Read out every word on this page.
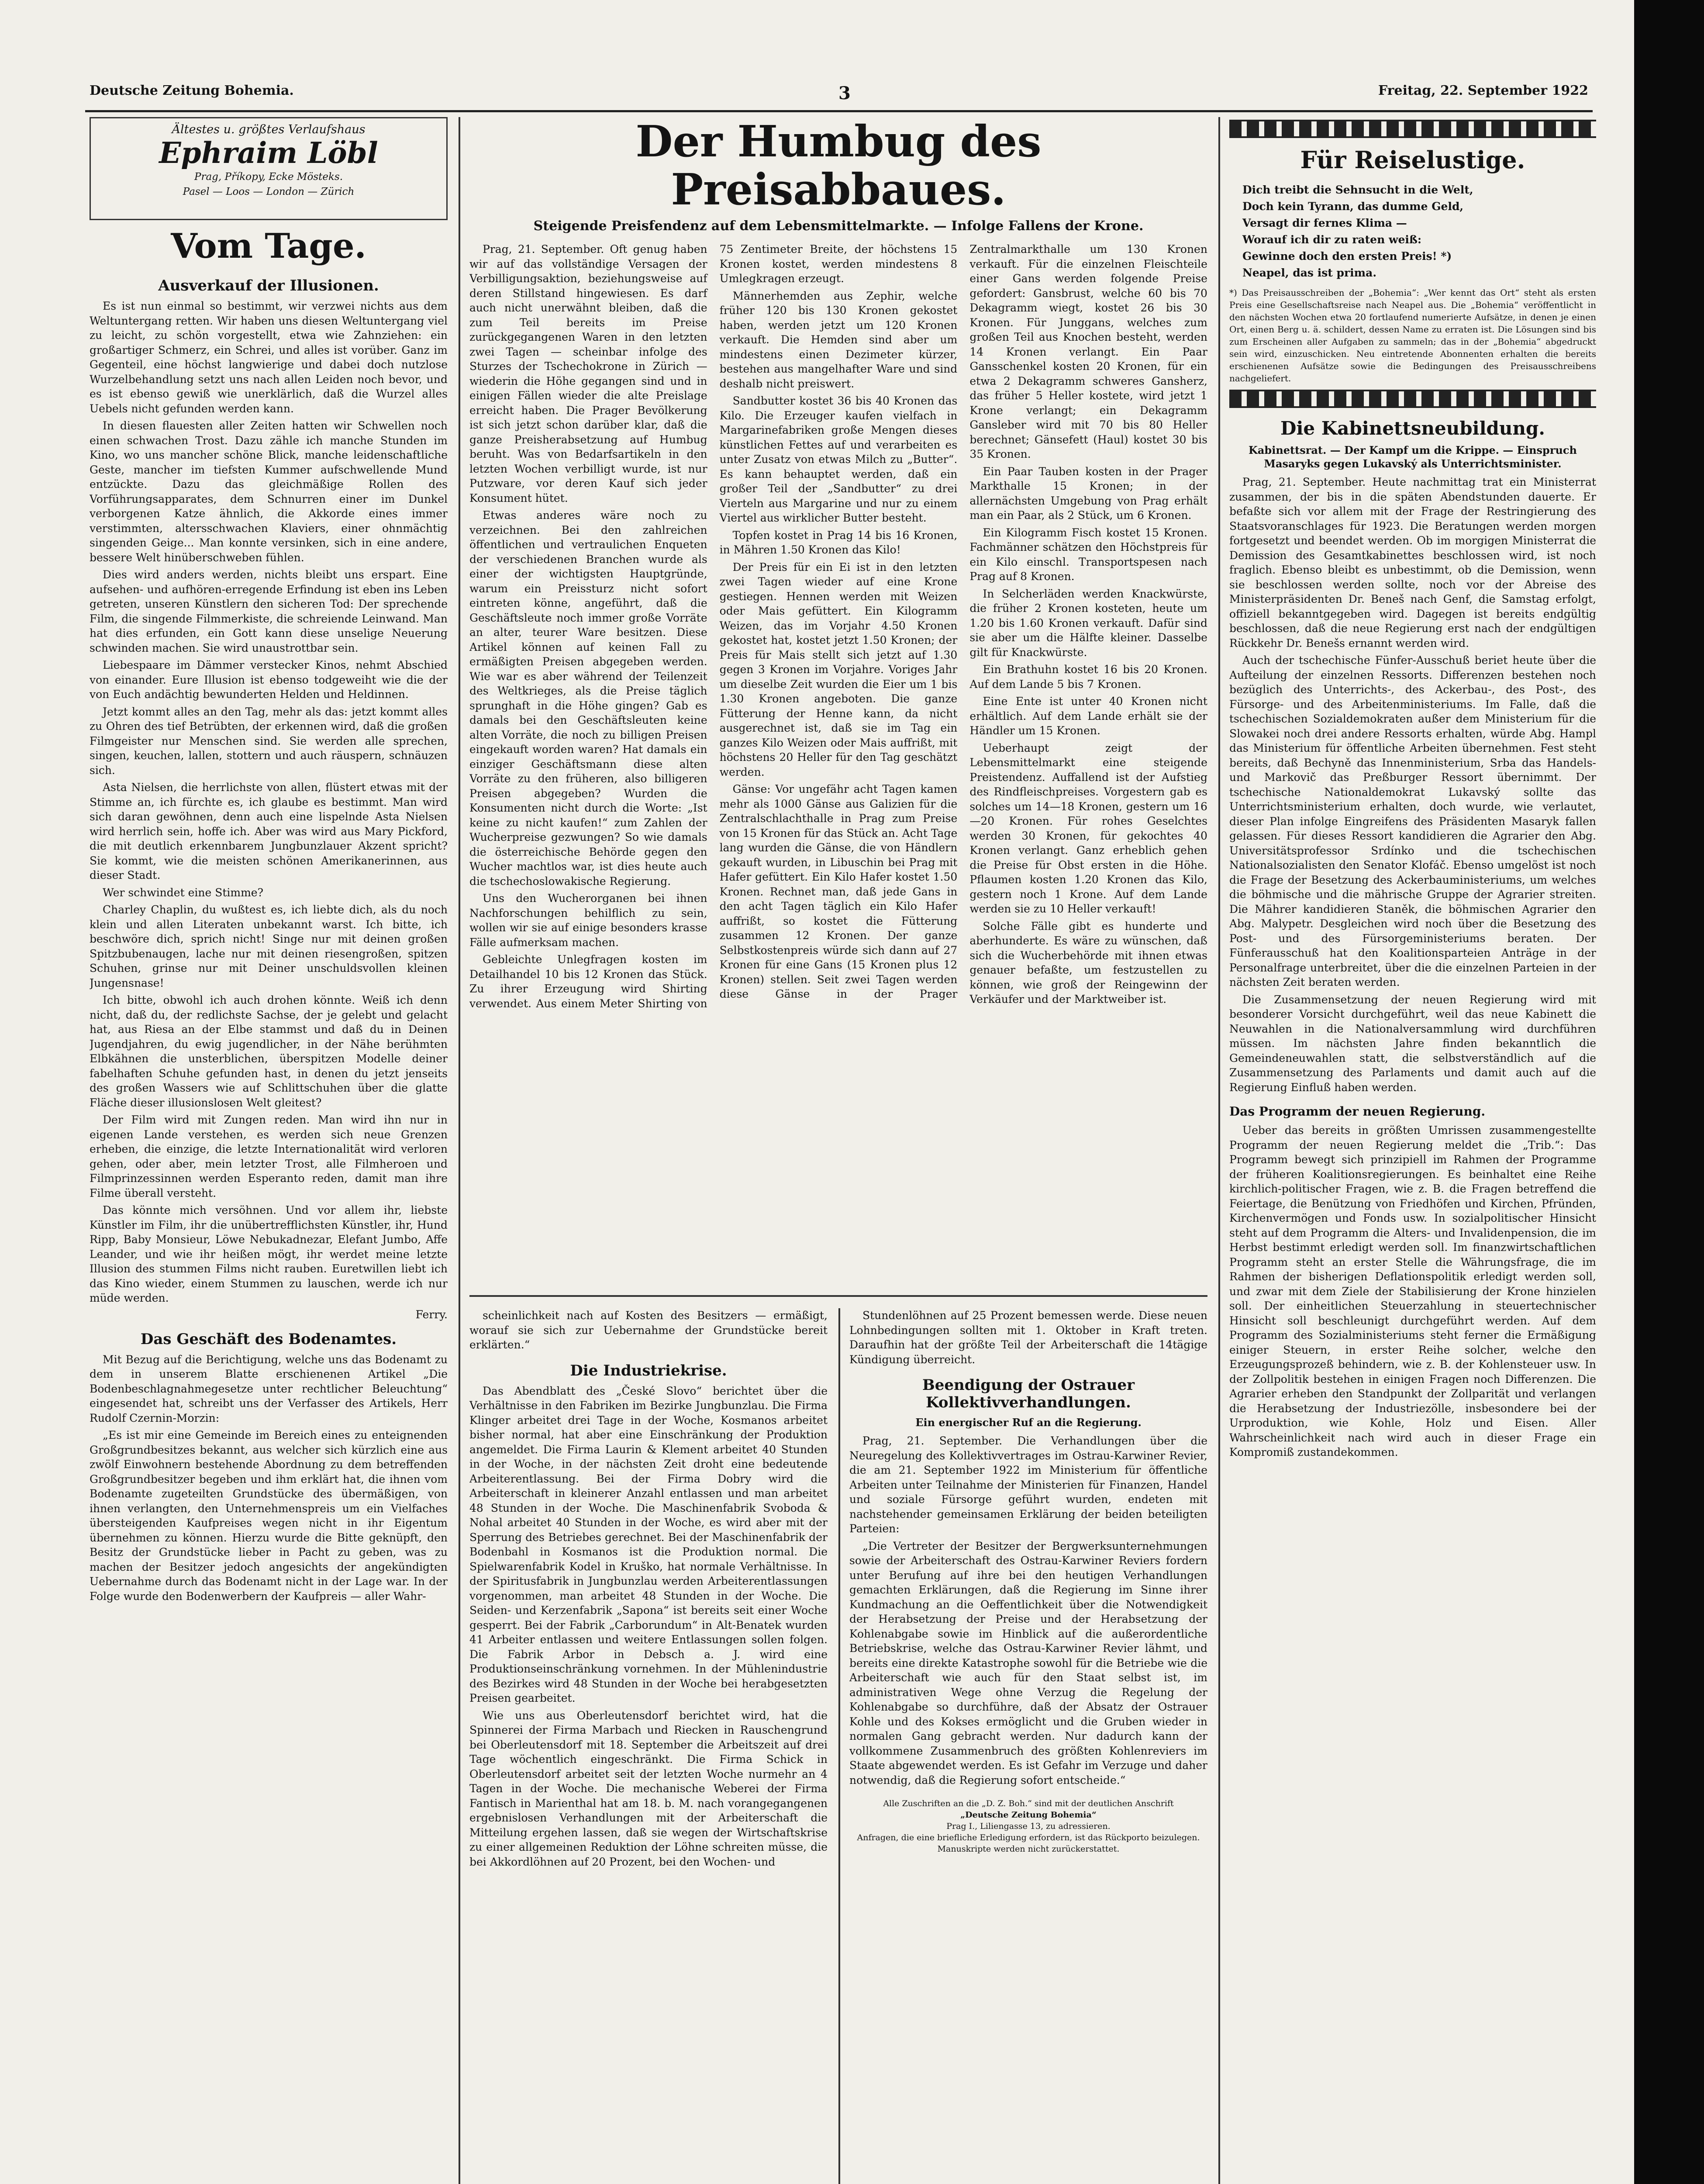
Deutsche Zeitung Bohemia.	3	Freitag, 22. September 1922
Ältestes u. größtes Verlaufshaus
Ephraim Löbl
Prag, Příkopy, Ecke Mösteks.
Pasel — Loos — London — Zürich
Vom Tage.
Ausverkauf der Illusionen.

Es ist nun einmal so bestimmt, wir verzwei nichts aus dem Weltuntergang retten. Wir haben uns diesen Weltuntergang viel zu leicht, zu schön vorgestellt, etwa wie Zahnziehen: ein großartiger Schmerz, ein Schrei, und alles ist vorüber. Ganz im Gegenteil, eine höchst langwierige und dabei doch nutzlose Wurzelbehandlung setzt uns nach allen Leiden noch bevor, und es ist ebenso gewiß wie unerklärlich, daß die Wurzel alles Uebels nicht gefunden werden kann.

In diesen flauesten aller Zeiten hatten wir Schwellen noch einen schwachen Trost. Dazu zähle ich manche Stunden im Kino, wo uns mancher schöne Blick, manche leidenschaftliche Geste, mancher im tiefsten Kummer aufschwellende Mund entzückte. Dazu das gleichmäßige Rollen des Vorführungsapparates, dem Schnurren einer im Dunkel verborgenen Katze ähnlich, die Akkorde eines immer verstimmten, altersschwachen Klaviers, einer ohnmächtig singenden Geige... Man konnte versinken, sich in eine andere, bessere Welt hinüberschweben fühlen.

Dies wird anders werden, nichts bleibt uns erspart. Eine aufsehen- und aufhören-erregende Erfindung ist eben ins Leben getreten, unseren Künstlern den sicheren Tod: Der sprechende Film, die singende Filmmerkiste, die schreiende Leinwand. Man hat dies erfunden, ein Gott kann diese unselige Neuerung schwinden machen. Sie wird unaustrottbar sein.

Liebespaare im Dämmer verstecker Kinos, nehmt Abschied von einander. Eure Illusion ist ebenso todgeweiht wie die der von Euch andächtig bewunderten Helden und Heldinnen.

Jetzt kommt alles an den Tag, mehr als das: jetzt kommt alles zu Ohren des tief Betrübten, der erkennen wird, daß die großen Filmgeister nur Menschen sind. Sie werden alle sprechen, singen, keuchen, lallen, stottern und auch räuspern, schnäuzen sich.

Asta Nielsen, die herrlichste von allen, flüstert etwas mit der Stimme an, ich fürchte es, ich glaube es bestimmt. Man wird sich daran gewöhnen, denn auch eine lispelnde Asta Nielsen wird herrlich sein, hoffe ich. Aber was wird aus Mary Pickford, die mit deutlich erkennbarem Jungbunzlauer Akzent spricht? Sie kommt, wie die meisten schönen Amerikanerinnen, aus dieser Stadt.

Wer schwindet eine Stimme?

Charley Chaplin, du wußtest es, ich liebte dich, als du noch klein und allen Literaten unbekannt warst. Ich bitte, ich beschwöre dich, sprich nicht! Singe nur mit deinen großen Spitzbubenaugen, lache nur mit deinen riesengroßen, spitzen Schuhen, grinse nur mit Deiner unschuldsvollen kleinen Jungensnase!

Ich bitte, obwohl ich auch drohen könnte. Weiß ich denn nicht, daß du, der redlichste Sachse, der je gelebt und gelacht hat, aus Riesa an der Elbe stammst und daß du in Deinen Jugendjahren, du ewig jugendlicher, in der Nähe berühmten Elbkähnen die unsterblichen, überspitzen Modelle deiner fabelhaften Schuhe gefunden hast, in denen du jetzt jenseits des großen Wassers wie auf Schlittschuhen über die glatte Fläche dieser illusionslosen Welt gleitest?

Der Film wird mit Zungen reden. Man wird ihn nur in eigenen Lande verstehen, es werden sich neue Grenzen erheben, die einzige, die letzte Internationalität wird verloren gehen, oder aber, mein letzter Trost, alle Filmheroen und Filmprinzessinnen werden Esperanto reden, damit man ihre Filme überall versteht.

Das könnte mich versöhnen. Und vor allem ihr, liebste Künstler im Film, ihr die unübertrefflichsten Künstler, ihr, Hund Ripp, Baby Monsieur, Löwe Nebukadnezar, Elefant Jumbo, Affe Leander, und wie ihr heißen mögt, ihr werdet meine letzte Illusion des stummen Films nicht rauben. Euretwillen liebt ich das Kino wieder, einem Stummen zu lauschen, werde ich nur müde werden.

Ferry.
Das Geschäft des Bodenamtes.

Mit Bezug auf die Berichtigung, welche uns das Bodenamt zu dem in unserem Blatte erschienenen Artikel „Die Bodenbeschlagnahmegesetze unter rechtlicher Beleuchtung“ eingesendet hat, schreibt uns der Verfasser des Artikels, Herr Rudolf Czernin-Morzin:

„Es ist mir eine Gemeinde im Bereich eines zu enteignenden Großgrundbesitzes bekannt, aus welcher sich kürzlich eine aus zwölf Einwohnern bestehende Abordnung zu dem betreffenden Großgrundbesitzer begeben und ihm erklärt hat, die ihnen vom Bodenamte zugeteilten Grundstücke des übermäßigen, von ihnen verlangten, den Unternehmenspreis um ein Vielfaches übersteigenden Kaufpreises wegen nicht in ihr Eigentum übernehmen zu können. Hierzu wurde die Bitte geknüpft, den Besitz der Grundstücke lieber in Pacht zu geben, was zu machen der Besitzer jedoch angesichts der angekündigten Uebernahme durch das Bodenamt nicht in der Lage war. In der Folge wurde den Bodenwerbern der Kaufpreis — aller Wahr-

Der Humbug des Preisabbaues.
Steigende Preisfendenz auf dem Lebensmittelmarkte. — Infolge Fallens der Krone.

Prag, 21. September. Oft genug haben wir auf das vollständige Versagen der Verbilligungsaktion, beziehungsweise auf deren Stillstand hingewiesen. Es darf auch nicht unerwähnt bleiben, daß die zum Teil bereits im Preise zurückgegangenen Waren in den letzten zwei Tagen — scheinbar infolge des Sturzes der Tschechokrone in Zürich — wiederin die Höhe gegangen sind und in einigen Fällen wieder die alte Preislage erreicht haben. Die Prager Bevölkerung ist sich jetzt schon darüber klar, daß die ganze Preisherabsetzung auf Humbug beruht. Was von Bedarfsartikeln in den letzten Wochen verbilligt wurde, ist nur Putzware, vor deren Kauf sich jeder Konsument hütet.

Etwas anderes wäre noch zu verzeichnen. Bei den zahlreichen öffentlichen und vertraulichen Enqueten der verschiedenen Branchen wurde als einer der wichtigsten Hauptgründe, warum ein Preissturz nicht sofort eintreten könne, angeführt, daß die Geschäftsleute noch immer große Vorräte an alter, teurer Ware besitzen. Diese Artikel können auf keinen Fall zu ermäßigten Preisen abgegeben werden. Wie war es aber während der Teilenzeit des Weltkrieges, als die Preise täglich sprunghaft in die Höhe gingen? Gab es damals bei den Geschäftsleuten keine alten Vorräte, die noch zu billigen Preisen eingekauft worden waren? Hat damals ein einziger Geschäftsmann diese alten Vorräte zu den früheren, also billigeren Preisen abgegeben? Wurden die Konsumenten nicht durch die Worte: „Ist keine zu nicht kaufen!“ zum Zahlen der Wucherpreise gezwungen? So wie damals die österreichische Behörde gegen den Wucher machtlos war, ist dies heute auch die tschechoslowakische Regierung.

Uns den Wucherorganen bei ihnen Nachforschungen behilflich zu sein, wollen wir sie auf einige besonders krasse Fälle aufmerksam machen.

Gebleichte Unlegfragen kosten im Detailhandel 10 bis 12 Kronen das Stück. Zu ihrer Erzeugung wird Shirting verwendet. Aus einem Meter Shirting von 75 Zentimeter Breite, der höchstens 15 Kronen kostet, werden mindestens 8 Umlegkragen erzeugt.

Männerhemden aus Zephir, welche früher 120 bis 130 Kronen gekostet haben, werden jetzt um 120 Kronen verkauft. Die Hemden sind aber um mindestens einen Dezimeter kürzer, bestehen aus mangelhafter Ware und sind deshalb nicht preiswert.

Sandbutter kostet 36 bis 40 Kronen das Kilo. Die Erzeuger kaufen vielfach in Margarinefabriken große Mengen dieses künstlichen Fettes auf und verarbeiten es unter Zusatz von etwas Milch zu „Butter“. Es kann behauptet werden, daß ein großer Teil der „Sandbutter“ zu drei Vierteln aus Margarine und nur zu einem Viertel aus wirklicher Butter besteht.

Topfen kostet in Prag 14 bis 16 Kronen, in Mähren 1.50 Kronen das Kilo!

Der Preis für ein Ei ist in den letzten zwei Tagen wieder auf eine Krone gestiegen. Hennen werden mit Weizen oder Mais gefüttert. Ein Kilogramm Weizen, das im Vorjahr 4.50 Kronen gekostet hat, kostet jetzt 1.50 Kronen; der Preis für Mais stellt sich jetzt auf 1.30 gegen 3 Kronen im Vorjahre. Voriges Jahr um dieselbe Zeit wurden die Eier um 1 bis 1.30 Kronen angeboten. Die ganze Fütterung der Henne kann, da nicht ausgerechnet ist, daß sie im Tag ein ganzes Kilo Weizen oder Mais auffrißt, mit höchstens 20 Heller für den Tag geschätzt werden.

Gänse: Vor ungefähr acht Tagen kamen mehr als 1000 Gänse aus Galizien für die Zentralschlachthalle in Prag zum Preise von 15 Kronen für das Stück an. Acht Tage lang wurden die Gänse, die von Händlern gekauft wurden, in Libuschin bei Prag mit Hafer gefüttert. Ein Kilo Hafer kostet 1.50 Kronen. Rechnet man, daß jede Gans in den acht Tagen täglich ein Kilo Hafer auffrißt, so kostet die Fütterung zusammen 12 Kronen. Der ganze Selbstkostenpreis würde sich dann auf 27 Kronen für eine Gans (15 Kronen plus 12 Kronen) stellen. Seit zwei Tagen werden diese Gänse in der Prager Zentralmarkthalle um 130 Kronen verkauft. Für die einzelnen Fleischteile einer Gans werden folgende Preise gefordert: Gansbrust, welche 60 bis 70 Dekagramm wiegt, kostet 26 bis 30 Kronen. Für Junggans, welches zum großen Teil aus Knochen besteht, werden 14 Kronen verlangt. Ein Paar Gansschenkel kosten 20 Kronen, für ein etwa 2 Dekagramm schweres Gansherz, das früher 5 Heller kostete, wird jetzt 1 Krone verlangt; ein Dekagramm Gansleber wird mit 70 bis 80 Heller berechnet; Gänsefett (Haul) kostet 30 bis 35 Kronen.

Ein Paar Tauben kosten in der Prager Markthalle 15 Kronen; in der allernächsten Umgebung von Prag erhält man ein Paar, als 2 Stück, um 6 Kronen.

Ein Kilogramm Fisch kostet 15 Kronen. Fachmänner schätzen den Höchstpreis für ein Kilo einschl. Transportspesen nach Prag auf 8 Kronen.

In Selcherläden werden Knackwürste, die früher 2 Kronen kosteten, heute um 1.20 bis 1.60 Kronen verkauft. Dafür sind sie aber um die Hälfte kleiner. Dasselbe gilt für Knackwürste.

Ein Brathuhn kostet 16 bis 20 Kronen. Auf dem Lande 5 bis 7 Kronen.

Eine Ente ist unter 40 Kronen nicht erhältlich. Auf dem Lande erhält sie der Händler um 15 Kronen.

Ueberhaupt zeigt der Lebensmittelmarkt eine steigende Preistendenz. Auffallend ist der Aufstieg des Rindfleischpreises. Vorgestern gab es solches um 14—18 Kronen, gestern um 16—20 Kronen. Für rohes Geselchtes werden 30 Kronen, für gekochtes 40 Kronen verlangt. Ganz erheblich gehen die Preise für Obst ersten in die Höhe. Pflaumen kosten 1.20 Kronen das Kilo, gestern noch 1 Krone. Auf dem Lande werden sie zu 10 Heller verkauft!

Solche Fälle gibt es hunderte und aberhunderte. Es wäre zu wünschen, daß sich die Wucherbehörde mit ihnen etwas genauer befaßte, um festzustellen zu können, wie groß der Reingewinn der Verkäufer und der Marktweiber ist.

scheinlichkeit nach auf Kosten des Besitzers — ermäßigt, worauf sie sich zur Uebernahme der Grundstücke bereit erklärten.“

Die Industriekrise.

Das Abendblatt des „České Slovo“ berichtet über die Verhältnisse in den Fabriken im Bezirke Jungbunzlau. Die Firma Klinger arbeitet drei Tage in der Woche, Kosmanos arbeitet bisher normal, hat aber eine Einschränkung der Produktion angemeldet. Die Firma Laurin & Klement arbeitet 40 Stunden in der Woche, in der nächsten Zeit droht eine bedeutende Arbeiterentlassung. Bei der Firma Dobry wird die Arbeiterschaft in kleinerer Anzahl entlassen und man arbeitet 48 Stunden in der Woche. Die Maschinenfabrik Svoboda & Nohal arbeitet 40 Stunden in der Woche, es wird aber mit der Sperrung des Betriebes gerechnet. Bei der Maschinenfabrik der Bodenbahl in Kosmanos ist die Produktion normal. Die Spielwarenfabrik Kodel in Kruško, hat normale Verhältnisse. In der Spiritusfabrik in Jungbunzlau werden Arbeiterentlassungen vorgenommen, man arbeitet 48 Stunden in der Woche. Die Seiden- und Kerzenfabrik „Sapona“ ist bereits seit einer Woche gesperrt. Bei der Fabrik „Carborundum“ in Alt-Benatek wurden 41 Arbeiter entlassen und weitere Entlassungen sollen folgen. Die Fabrik Arbor in Debsch a. J. wird eine Produktionseinschränkung vornehmen. In der Mühlenindustrie des Bezirkes wird 48 Stunden in der Woche bei herabgesetzten Preisen gearbeitet.

Wie uns aus Oberleutensdorf berichtet wird, hat die Spinnerei der Firma Marbach und Riecken in Rauschengrund bei Oberleutensdorf mit 18. September die Arbeitszeit auf drei Tage wöchentlich eingeschränkt. Die Firma Schick in Oberleutensdorf arbeitet seit der letzten Woche nurmehr an 4 Tagen in der Woche. Die mechanische Weberei der Firma Fantisch in Marienthal hat am 18. b. M. nach vorangegangenen ergebnislosen Verhandlungen mit der Arbeiterschaft die Mitteilung ergehen lassen, daß sie wegen der Wirtschaftskrise zu einer allgemeinen Reduktion der Löhne schreiten müsse, die bei Akkordlöhnen auf 20 Prozent, bei den Wochen- und

Stundenlöhnen auf 25 Prozent bemessen werde. Diese neuen Lohnbedingungen sollten mit 1. Oktober in Kraft treten. Daraufhin hat der größte Teil der Arbeiterschaft die 14tägige Kündigung überreicht.

Beendigung der Ostrauer Kollektivverhandlungen.
Ein energischer Ruf an die Regierung.

Prag, 21. September. Die Verhandlungen über die Neuregelung des Kollektivvertrages im Ostrau-Karwiner Revier, die am 21. September 1922 im Ministerium für öffentliche Arbeiten unter Teilnahme der Ministerien für Finanzen, Handel und soziale Fürsorge geführt wurden, endeten mit nachstehender gemeinsamen Erklärung der beiden beteiligten Parteien:

„Die Vertreter der Besitzer der Bergwerksunternehmungen sowie der Arbeiterschaft des Ostrau-Karwiner Reviers fordern unter Berufung auf ihre bei den heutigen Verhandlungen gemachten Erklärungen, daß die Regierung im Sinne ihrer Kundmachung an die Oeffentlichkeit über die Notwendigkeit der Herabsetzung der Preise und der Herabsetzung der Kohlenabgabe sowie im Hinblick auf die außerordentliche Betriebskrise, welche das Ostrau-Karwiner Revier lähmt, und bereits eine direkte Katastrophe sowohl für die Betriebe wie die Arbeiterschaft wie auch für den Staat selbst ist, im administrativen Wege ohne Verzug die Regelung der Kohlenabgabe so durchführe, daß der Absatz der Ostrauer Kohle und des Kokses ermöglicht und die Gruben wieder in normalen Gang gebracht werden. Nur dadurch kann der vollkommene Zusammenbruch des größten Kohlenreviers im Staate abgewendet werden. Es ist Gefahr im Verzuge und daher notwendig, daß die Regierung sofort entscheide.“

Alle Zuschriften an die „D. Z. Boh.“ sind mit der deutlichen Anschrift
„Deutsche Zeitung Bohemia“
Prag I., Liliengasse 13, zu adressieren.
Anfragen, die eine briefliche Erledigung erfordern, ist das Rückporto beizulegen.
Manuskripte werden nicht zurückerstattet.
Für Reiselustige.
Dich treibt die Sehnsucht in die Welt,
Doch kein Tyrann, das dumme Geld,
Versagt dir fernes Klima —
Worauf ich dir zu raten weiß:
Gewinne doch den ersten Preis! *)
Neapel, das ist prima.

*) Das Preisausschreiben der „Bohemia“: „Wer kennt das Ort“ steht als ersten Preis eine Gesellschaftsreise nach Neapel aus. Die „Bohemia“ veröffentlicht in den nächsten Wochen etwa 20 fortlaufend numerierte Aufsätze, in denen je einen Ort, einen Berg u. ä. schildert, dessen Name zu erraten ist. Die Lösungen sind bis zum Erscheinen aller Aufgaben zu sammeln; das in der „Bohemia“ abgedruckt sein wird, einzuschicken. Neu eintretende Abonnenten erhalten die bereits erschienenen Aufsätze sowie die Bedingungen des Preisausschreibens nachgeliefert.

Die Kabinettsneubildung.
Kabinettsrat. — Der Kampf um die Krippe. — Einspruch Masaryks gegen Lukavský als Unterrichtsminister.

Prag, 21. September. Heute nachmittag trat ein Ministerrat zusammen, der bis in die späten Abendstunden dauerte. Er befaßte sich vor allem mit der Frage der Restringierung des Staatsvoranschlages für 1923. Die Beratungen werden morgen fortgesetzt und beendet werden. Ob im morgigen Ministerrat die Demission des Gesamtkabinettes beschlossen wird, ist noch fraglich. Ebenso bleibt es unbestimmt, ob die Demission, wenn sie beschlossen werden sollte, noch vor der Abreise des Ministerpräsidenten Dr. Beneš nach Genf, die Samstag erfolgt, offiziell bekanntgegeben wird. Dagegen ist bereits endgültig beschlossen, daß die neue Regierung erst nach der endgültigen Rückkehr Dr. Benešs ernannt werden wird.

Auch der tschechische Fünfer-Ausschuß beriet heute über die Aufteilung der einzelnen Ressorts. Differenzen bestehen noch bezüglich des Unterrichts-, des Ackerbau-, des Post-, des Fürsorge- und des Arbeitenministeriums. Im Falle, daß die tschechischen Sozialdemokraten außer dem Ministerium für die Slowakei noch drei andere Ressorts erhalten, würde Abg. Hampl das Ministerium für öffentliche Arbeiten übernehmen. Fest steht bereits, daß Bechyně das Innenministerium, Srba das Handels- und Markovič das Preßburger Ressort übernimmt. Der tschechische Nationaldemokrat Lukavský sollte das Unterrichtsministerium erhalten, doch wurde, wie verlautet, dieser Plan infolge Eingreifens des Präsidenten Masaryk fallen gelassen. Für dieses Ressort kandidieren die Agrarier den Abg. Universitätsprofessor Srdínko und die tschechischen Nationalsozialisten den Senator Klofáč. Ebenso umgelöst ist noch die Frage der Besetzung des Ackerbauministeriums, um welches die böhmische und die mährische Gruppe der Agrarier streiten. Die Mährer kandidieren Staněk, die böhmischen Agrarier den Abg. Malypetr. Desgleichen wird noch über die Besetzung des Post- und des Fürsorgeministeriums beraten. Der Fünferausschuß hat den Koalitionsparteien Anträge in der Personalfrage unterbreitet, über die die einzelnen Parteien in der nächsten Zeit beraten werden.

Die Zusammensetzung der neuen Regierung wird mit besonderer Vorsicht durchgeführt, weil das neue Kabinett die Neuwahlen in die Nationalversammlung wird durchführen müssen. Im nächsten Jahre finden bekanntlich die Gemeindeneuwahlen statt, die selbstverständlich auf die Zusammensetzung des Parlaments und damit auch auf die Regierung Einfluß haben werden.

Das Programm der neuen Regierung.

Ueber das bereits in größten Umrissen zusammengestellte Programm der neuen Regierung meldet die „Trib.“: Das Programm bewegt sich prinzipiell im Rahmen der Programme der früheren Koalitionsregierungen. Es beinhaltet eine Reihe kirchlich-politischer Fragen, wie z. B. die Fragen betreffend die Feiertage, die Benützung von Friedhöfen und Kirchen, Pfründen, Kirchenvermögen und Fonds usw. In sozialpolitischer Hinsicht steht auf dem Programm die Alters- und Invalidenpension, die im Herbst bestimmt erledigt werden soll. Im finanzwirtschaftlichen Programm steht an erster Stelle die Währungsfrage, die im Rahmen der bisherigen Deflationspolitik erledigt werden soll, und zwar mit dem Ziele der Stabilisierung der Krone hinzielen soll. Der einheitlichen Steuerzahlung in steuertechnischer Hinsicht soll beschleunigt durchgeführt werden. Auf dem Programm des Sozialministeriums steht ferner die Ermäßigung einiger Steuern, in erster Reihe solcher, welche den Erzeugungsprozeß behindern, wie z. B. der Kohlensteuer usw. In der Zollpolitik bestehen in einigen Fragen noch Differenzen. Die Agrarier erheben den Standpunkt der Zollparität und verlangen die Herabsetzung der Industriezölle, insbesondere bei der Urproduktion, wie Kohle, Holz und Eisen. Aller Wahrscheinlichkeit nach wird auch in dieser Frage ein Kompromiß zustandekommen.
